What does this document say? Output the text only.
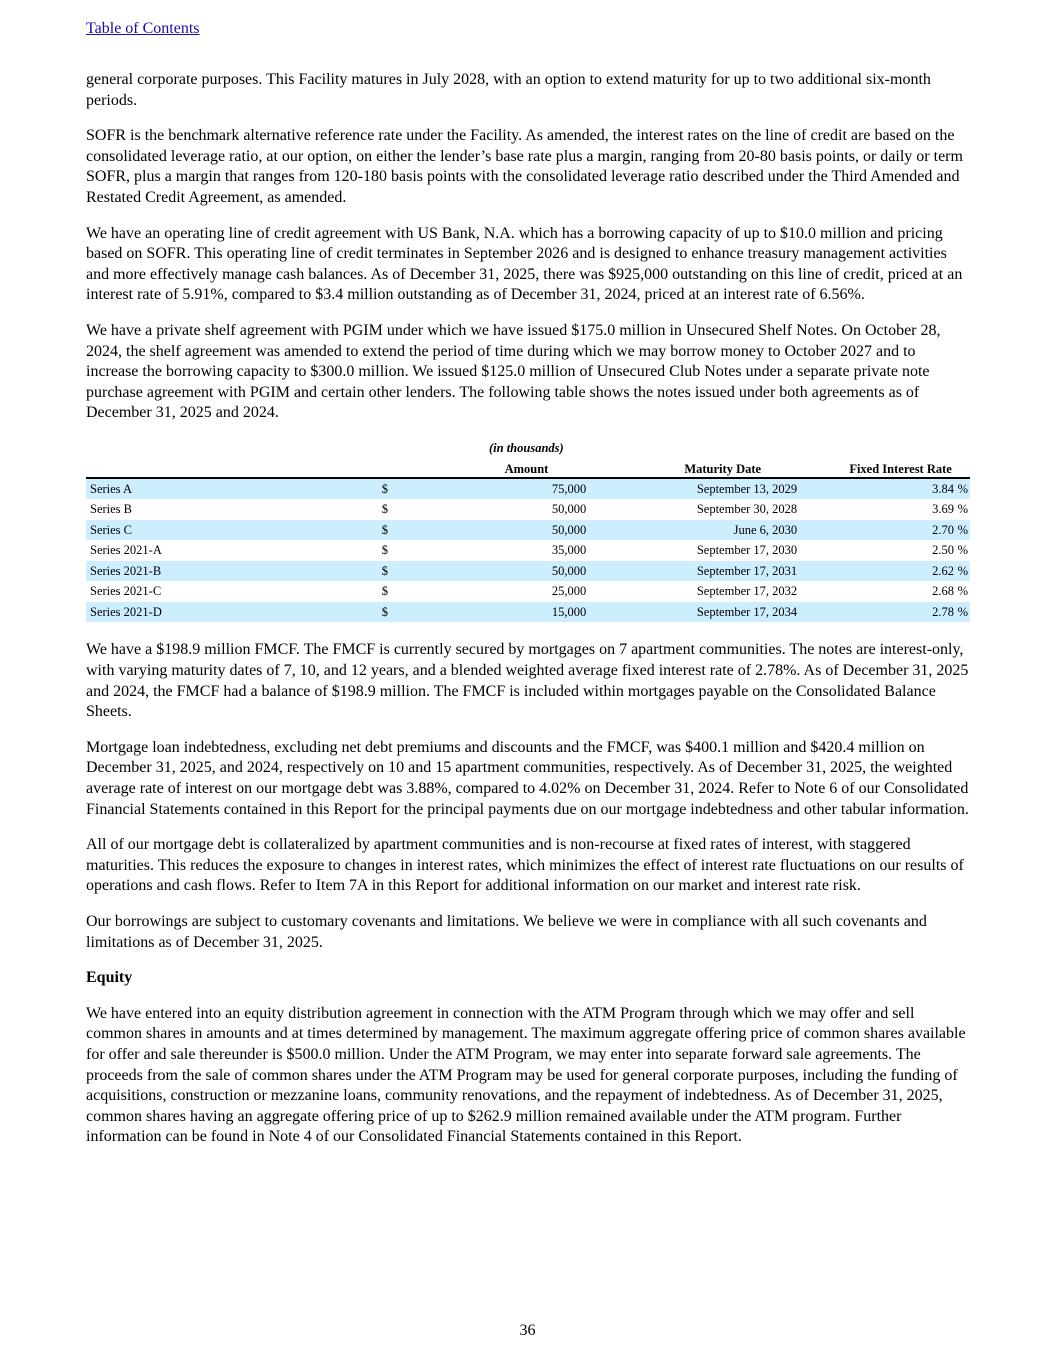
Table of Contents

general corporate purposes. This Facility matures in July 2028, with an option to extend maturity for up to two additional six-month periods.

SOFR is the benchmark alternative reference rate under the Facility. As amended, the interest rates on the line of credit are based on the consolidated leverage ratio, at our option, on either the lender’s base rate plus a margin, ranging from 20-80 basis points, or daily or term SOFR, plus a margin that ranges from 120-180 basis points with the consolidated leverage ratio described under the Third Amended and Restated Credit Agreement, as amended.

We have an operating line of credit agreement with US Bank, N.A. which has a borrowing capacity of up to $10.0 million and pricing based on SOFR. This operating line of credit terminates in September 2026 and is designed to enhance treasury management activities and more effectively manage cash balances. As of December 31, 2025, there was $925,000 outstanding on this line of credit, priced at an interest rate of 5.91%, compared to $3.4 million outstanding as of December 31, 2024, priced at an interest rate of 6.56%.

We have a private shelf agreement with PGIM under which we have issued $175.0 million in Unsecured Shelf Notes. On October 28, 2024, the shelf agreement was amended to extend the period of time during which we may borrow money to October 2027 and to increase the borrowing capacity to $300.0 million. We issued $125.0 million of Unsecured Club Notes under a separate private note purchase agreement with PGIM and certain other lenders. The following table shows the notes issued under both agreements as of December 31, 2025 and 2024.

(in thousands)
		Amount	Maturity Date	Fixed Interest Rate
Series A	$	75,000	September 13, 2029	3.84 %
Series B	$	50,000	September 30, 2028	3.69 %
Series C	$	50,000	June 6, 2030	2.70 %
Series 2021-A	$	35,000	September 17, 2030	2.50 %
Series 2021-B	$	50,000	September 17, 2031	2.62 %
Series 2021-C	$	25,000	September 17, 2032	2.68 %
Series 2021-D	$	15,000	September 17, 2034	2.78 %

We have a $198.9 million FMCF. The FMCF is currently secured by mortgages on 7 apartment communities. The notes are interest-only, with varying maturity dates of 7, 10, and 12 years, and a blended weighted average fixed interest rate of 2.78%. As of December 31, 2025 and 2024, the FMCF had a balance of $198.9 million. The FMCF is included within mortgages payable on the Consolidated Balance Sheets.

Mortgage loan indebtedness, excluding net debt premiums and discounts and the FMCF, was $400.1 million and $420.4 million on December 31, 2025, and 2024, respectively on 10 and 15 apartment communities, respectively. As of December 31, 2025, the weighted average rate of interest on our mortgage debt was 3.88%, compared to 4.02% on December 31, 2024. Refer to Note 6 of our Consolidated Financial Statements contained in this Report for the principal payments due on our mortgage indebtedness and other tabular information.

All of our mortgage debt is collateralized by apartment communities and is non-recourse at fixed rates of interest, with staggered maturities. This reduces the exposure to changes in interest rates, which minimizes the effect of interest rate fluctuations on our results of operations and cash flows. Refer to Item 7A in this Report for additional information on our market and interest rate risk.

Our borrowings are subject to customary covenants and limitations. We believe we were in compliance with all such covenants and limitations as of December 31, 2025.

Equity

We have entered into an equity distribution agreement in connection with the ATM Program through which we may offer and sell common shares in amounts and at times determined by management. The maximum aggregate offering price of common shares available for offer and sale thereunder is $500.0 million. Under the ATM Program, we may enter into separate forward sale agreements. The proceeds from the sale of common shares under the ATM Program may be used for general corporate purposes, including the funding of acquisitions, construction or mezzanine loans, community renovations, and the repayment of indebtedness. As of December 31, 2025, common shares having an aggregate offering price of up to $262.9 million remained available under the ATM program. Further information can be found in Note 4 of our Consolidated Financial Statements contained in this Report.

36
